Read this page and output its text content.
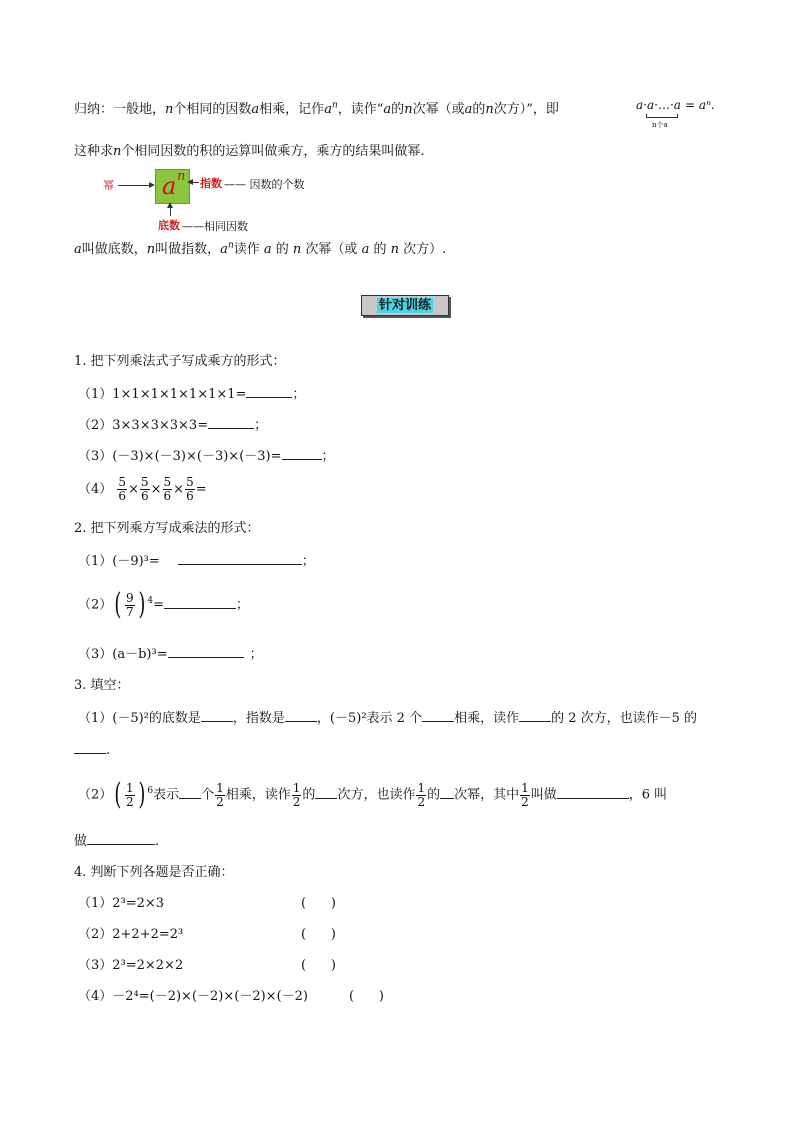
归纳：一般地，n个相同的因数a相乘，记作$a^n$，读作“a的n次幂（或a的n次方）”，即	a·a·…·a = aⁿ.
n个a
这种求n个相同因数的积的运算叫做乘方，乘方的结果叫做幂.
幂 a n 指数 —— 因数的个数
底数 ——相同因数
a叫做底数，n叫做指数，$a^n$读作 a 的 n 次幂（或 a 的 n 次方）.
针对训练
1. 把下列乘法式子写成乘方的形式：
（1）1×1×1×1×1×1×1=	；
（2）3×3×3×3×3=	；
（3）(－3)×(－3)×(－3)×(－3)=	；
$(4) \frac{5}{6} \times \frac{5}{6} \times \frac{5}{6} \times \frac{5}{6}$ =
2. 把下列乘方写成乘法的形式：
（1）(－9)³=	；
（2） ( $\frac{9}{7}$ ) $^4$=	；
（3）(a－b)³=	；
3. 填空：
（1）(－5)²的底数是 ，指数是 ，(－5)²表示 2 个 相乘，读作 的 2 次方，也读作－5 的
.
（2） ( $\frac{1}{2}$ ) $^6$表示 个 $\frac{1}{2}$ 相乘，读作 $\frac{1}{2}$ 的 次方，也读作 $\frac{1}{2}$ 的 次幂，其中 $\frac{1}{2}$ 叫做	，6 叫
做	.
4. 判断下列各题是否正确：
（1）2³=2×3	(      )
（2）2+2+2=2³	(      )
（3）2³=2×2×2	(      )
（4）－2⁴=(－2)×(－2)×(－2)×(－2)	(      )
